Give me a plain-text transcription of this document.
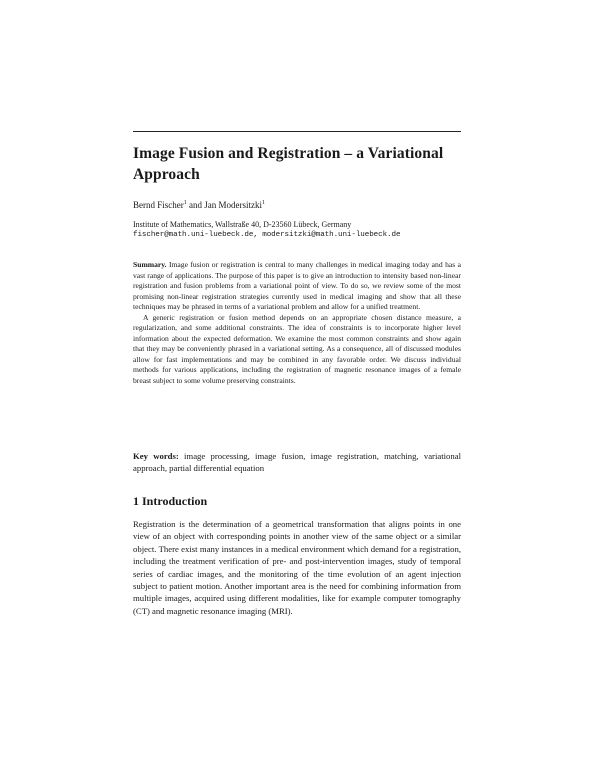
Image Fusion and Registration – a Variational Approach
Bernd Fischer$^1$ and Jan Modersitzki$^1$
Institute of Mathematics, Wallstraße 40, D-23560 Lübeck, Germany
fischer@math.uni-luebeck.de, modersitzki@math.uni-luebeck.de

Summary. Image fusion or registration is central to many challenges in medical imaging today and has a vast range of applications. The purpose of this paper is to give an introduction to intensity based non-linear registration and fusion problems from a variational point of view. To do so, we review some of the most promising non-linear registration strategies currently used in medical imaging and show that all these techniques may be phrased in terms of a variational problem and allow for a unified treatment.

A generic registration or fusion method depends on an appropriate chosen distance measure, a regularization, and some additional constraints. The idea of constraints is to incorporate higher level information about the expected deformation. We examine the most common constraints and show again that they may be conveniently phrased in a variational setting. As a consequence, all of discussed modules allow for fast implementations and may be combined in any favorable order. We discuss individual methods for various applications, including the registration of magnetic resonance images of a female breast subject to some volume preserving constraints.

Key words: image processing, image fusion, image registration, matching, variational approach, partial differential equation
1 Introduction
Registration is the determination of a geometrical transformation that aligns points in one view of an object with corresponding points in another view of the same object or a similar object. There exist many instances in a medical environment which demand for a registration, including the treatment verification of pre- and post-intervention images, study of temporal series of cardiac images, and the monitoring of the time evolution of an agent injection subject to patient motion. Another important area is the need for combining information from multiple images, acquired using different modalities, like for example computer tomography (CT) and magnetic resonance imaging (MRI).
